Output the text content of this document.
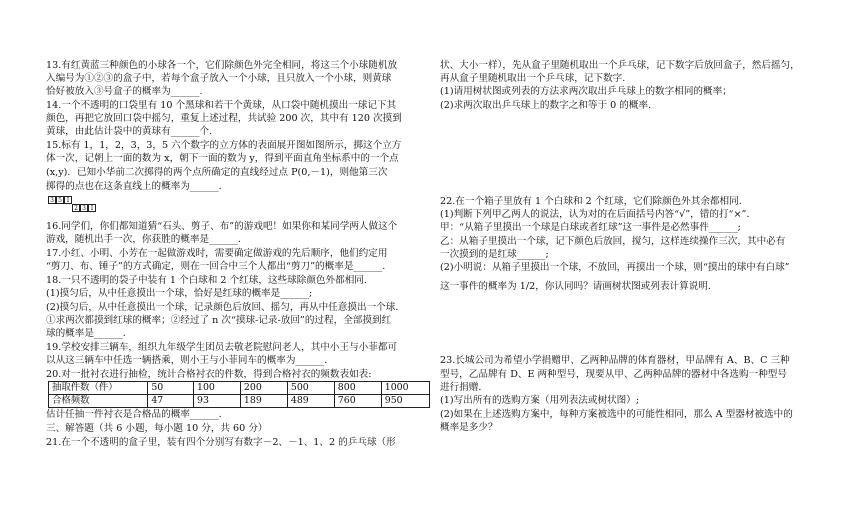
13.有红黄蓝三种颜色的小球各一个，它们除颜色外完全相同，将这三个小球随机放
入编号为①②③的盒子中，若每个盒子放入一个小球，且只放入一个小球，则黄球
恰好被放入③号盒子的概率为______.
14.一个不透明的口袋里有 10 个黑球和若干个黄球，从口袋中随机摸出一球记下其
颜色，再把它放回口袋中摇匀，重复上述过程，共试验 200 次，其中有 120 次摸到
黄球，由此估计袋中的黄球有______个.
15.标有 1，1，2，3，3，5 六个数字的立方体的表面展开图如图所示，掷这个立方
体一次，记朝上一面的数为 x，朝下一面的数为 y，得到平面直角坐标系中的一个点
(x,y)．已知小华前二次掷得的两个点所确定的直线经过点 P(0,－1)，则他第三次
掷得的点也在这条直线上的概率为______.
3 5 1
2 3 1
16.同学们，你们都知道猜“石头、剪子、布”的游戏吧！如果你和某同学两人做这个
游戏，随机出手一次，你获胜的概率是______.
17.小红、小明、小芳在一起做游戏时，需要确定做游戏的先后顺序，他们约定用
“剪刀、布、锤子”的方式确定，则在一回合中三个人都出“剪刀”的概率是______.
18.一只不透明的袋子中装有 1 个白球和 2 个红球，这些球除颜色外都相同.
(1)摸匀后，从中任意摸出一个球，恰好是红球的概率是______;
(2)摸匀后，从中任意摸出一个球，记录颜色后放回、摇匀，再从中任意摸出一个球.
①求两次都摸到红球的概率；②经过了 n 次“摸球-记录-放回”的过程，全部摸到红
球的概率是______.
19.学校安排三辆车，组织九年级学生团员去敬老院慰问老人，其中小王与小菲都可
以从这三辆车中任选一辆搭乘，则小王与小菲同车的概率为______.
20.对一批衬衣进行抽检，统计合格衬衣的件数，得到合格衬衣的频数表如表:
抽取件数（件）	50	100	200	500	800	1000
合格频数	47	93	189	489	760	950
估计任抽一件衬衣是合格品的概率______.
三、解答题（共 6 小题，每小题 10 分，共 60 分）
21.在一个不透明的盒子里，装有四个分别写有数字－2、－1、1、2 的乒乓球（形
状、大小一样），先从盒子里随机取出一个乒乓球，记下数字后放回盒子，然后摇匀，
再从盒子里随机取出一个乒乓球，记下数字.
(1)请用树状图或列表的方法求两次取出乒乓球上的数字相同的概率；
(2)求两次取出乒乓球上的数字之和等于 0 的概率.
22.在一个箱子里放有 1 个白球和 2 个红球，它们除颜色外其余都相同.
(1)判断下列甲乙两人的说法，认为对的在后面括号内答“√”，错的打“×”.
甲：“从箱子里摸出一个球是白球或者红球”这一事件是必然事件______;
乙：从箱子里摸出一个球，记下颜色后放回，搅匀，这样连续操作三次，其中必有
一次摸到的是红球______;
(2)小明说：从箱子里摸出一个球，不放回，再摸出一个球，则“摸出的球中有白球”
这一事件的概率为 1/2，你认同吗？请画树状图或列表计算说明.
23.长城公司为希望小学捐赠甲、乙两种品牌的体育器材，甲品牌有 A、B、C 三种
型号，乙品牌有 D、E 两种型号，现要从甲、乙两种品牌的器材中各选购一种型号
进行捐赠.
(1)写出所有的选购方案（用列表法或树状图）;
(2)如果在上述选购方案中，每种方案被选中的可能性相同，那么 A 型器材被选中的
概率是多少？
